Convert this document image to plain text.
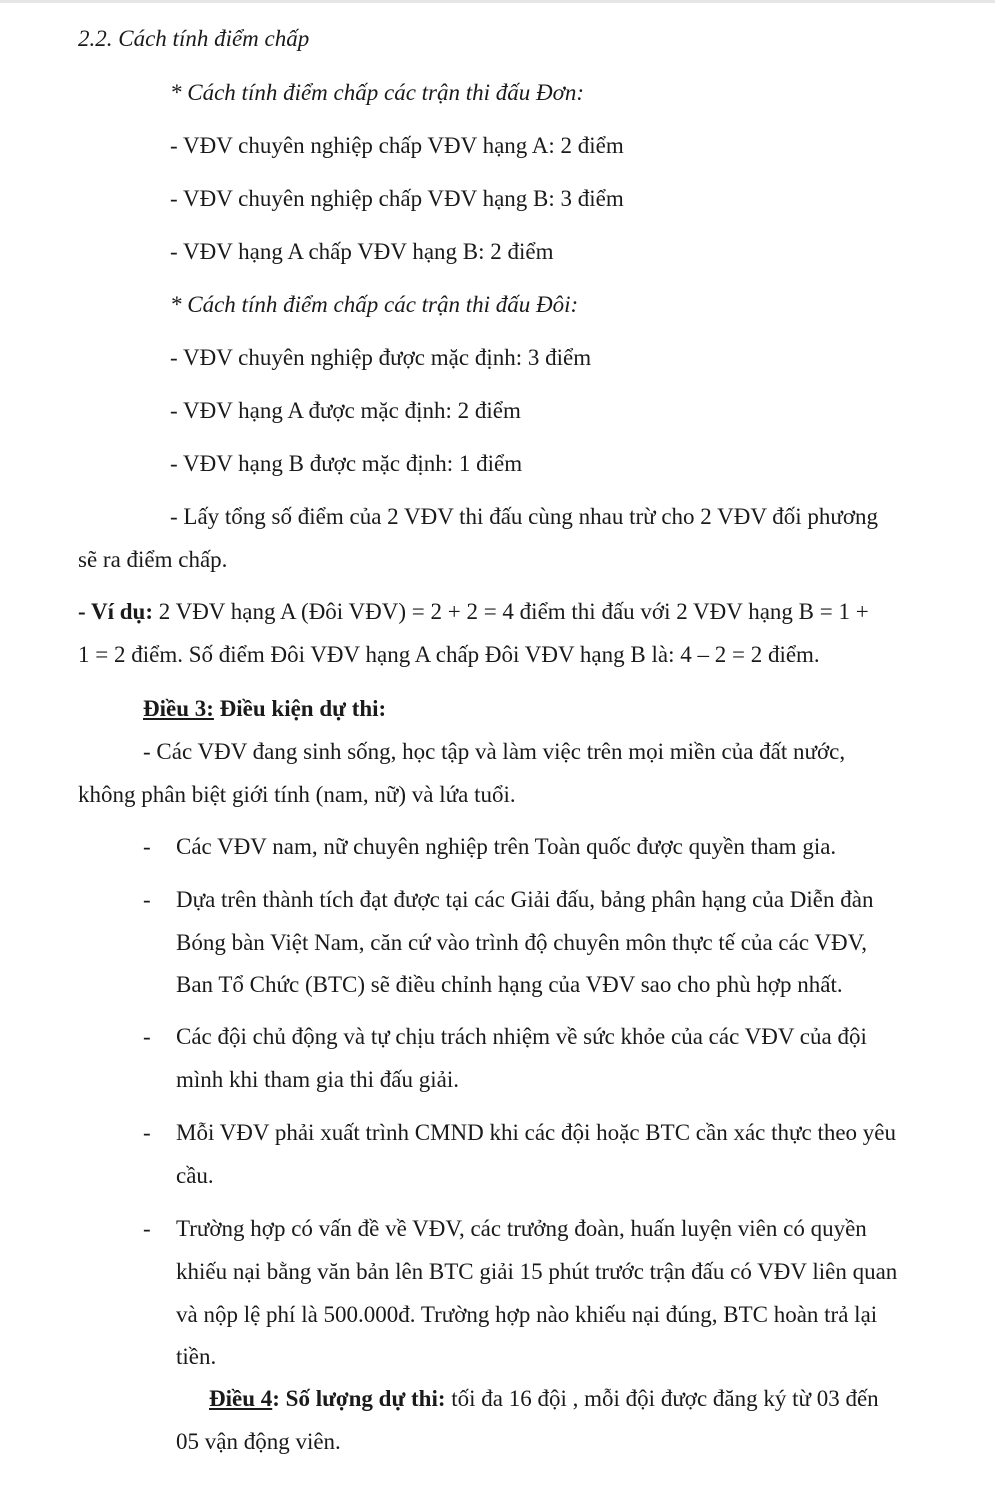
2.2. Cách tính điểm chấp
* Cách tính điểm chấp các trận thi đấu Đơn:
- VĐV chuyên nghiệp chấp VĐV hạng A: 2 điểm
- VĐV chuyên nghiệp chấp VĐV hạng B: 3 điểm
- VĐV hạng A chấp VĐV hạng B: 2 điểm
* Cách tính điểm chấp các trận thi đấu Đôi:
- VĐV chuyên nghiệp được mặc định: 3 điểm
- VĐV hạng A được mặc định: 2 điểm
- VĐV hạng B được mặc định: 1 điểm
- Lấy tổng số điểm của 2 VĐV thi đấu cùng nhau trừ cho 2 VĐV đối phương
sẽ ra điểm chấp.
- Ví dụ: 2 VĐV hạng A (Đôi VĐV) = 2 + 2 = 4 điểm thi đấu với 2 VĐV hạng B = 1 +
1 = 2 điểm. Số điểm Đôi VĐV hạng A chấp Đôi VĐV hạng B là: 4 – 2 = 2 điểm.
Điều 3: Điều kiện dự thi:
- Các VĐV đang sinh sống, học tập và làm việc trên mọi miền của đất nước,
không phân biệt giới tính (nam, nữ) và lứa tuổi.
- Các VĐV nam, nữ chuyên nghiệp trên Toàn quốc được quyền tham gia.
- Dựa trên thành tích đạt được tại các Giải đấu, bảng phân hạng của Diễn đàn
Bóng bàn Việt Nam, căn cứ vào trình độ chuyên môn thực tế của các VĐV,
Ban Tổ Chức (BTC) sẽ điều chỉnh hạng của VĐV sao cho phù hợp nhất.
- Các đội chủ động và tự chịu trách nhiệm về sức khỏe của các VĐV của đội
mình khi tham gia thi đấu giải.
- Mỗi VĐV phải xuất trình CMND khi các đội hoặc BTC cần xác thực theo yêu
cầu.
- Trường hợp có vấn đề về VĐV, các trưởng đoàn, huấn luyện viên có quyền
khiếu nại bằng văn bản lên BTC giải 15 phút trước trận đấu có VĐV liên quan
và nộp lệ phí là 500.000đ. Trường hợp nào khiếu nại đúng, BTC hoàn trả lại
tiền.
Điều 4: Số lượng dự thi: tối đa 16 đội , mỗi đội được đăng ký từ 03 đến
05 vận động viên.
